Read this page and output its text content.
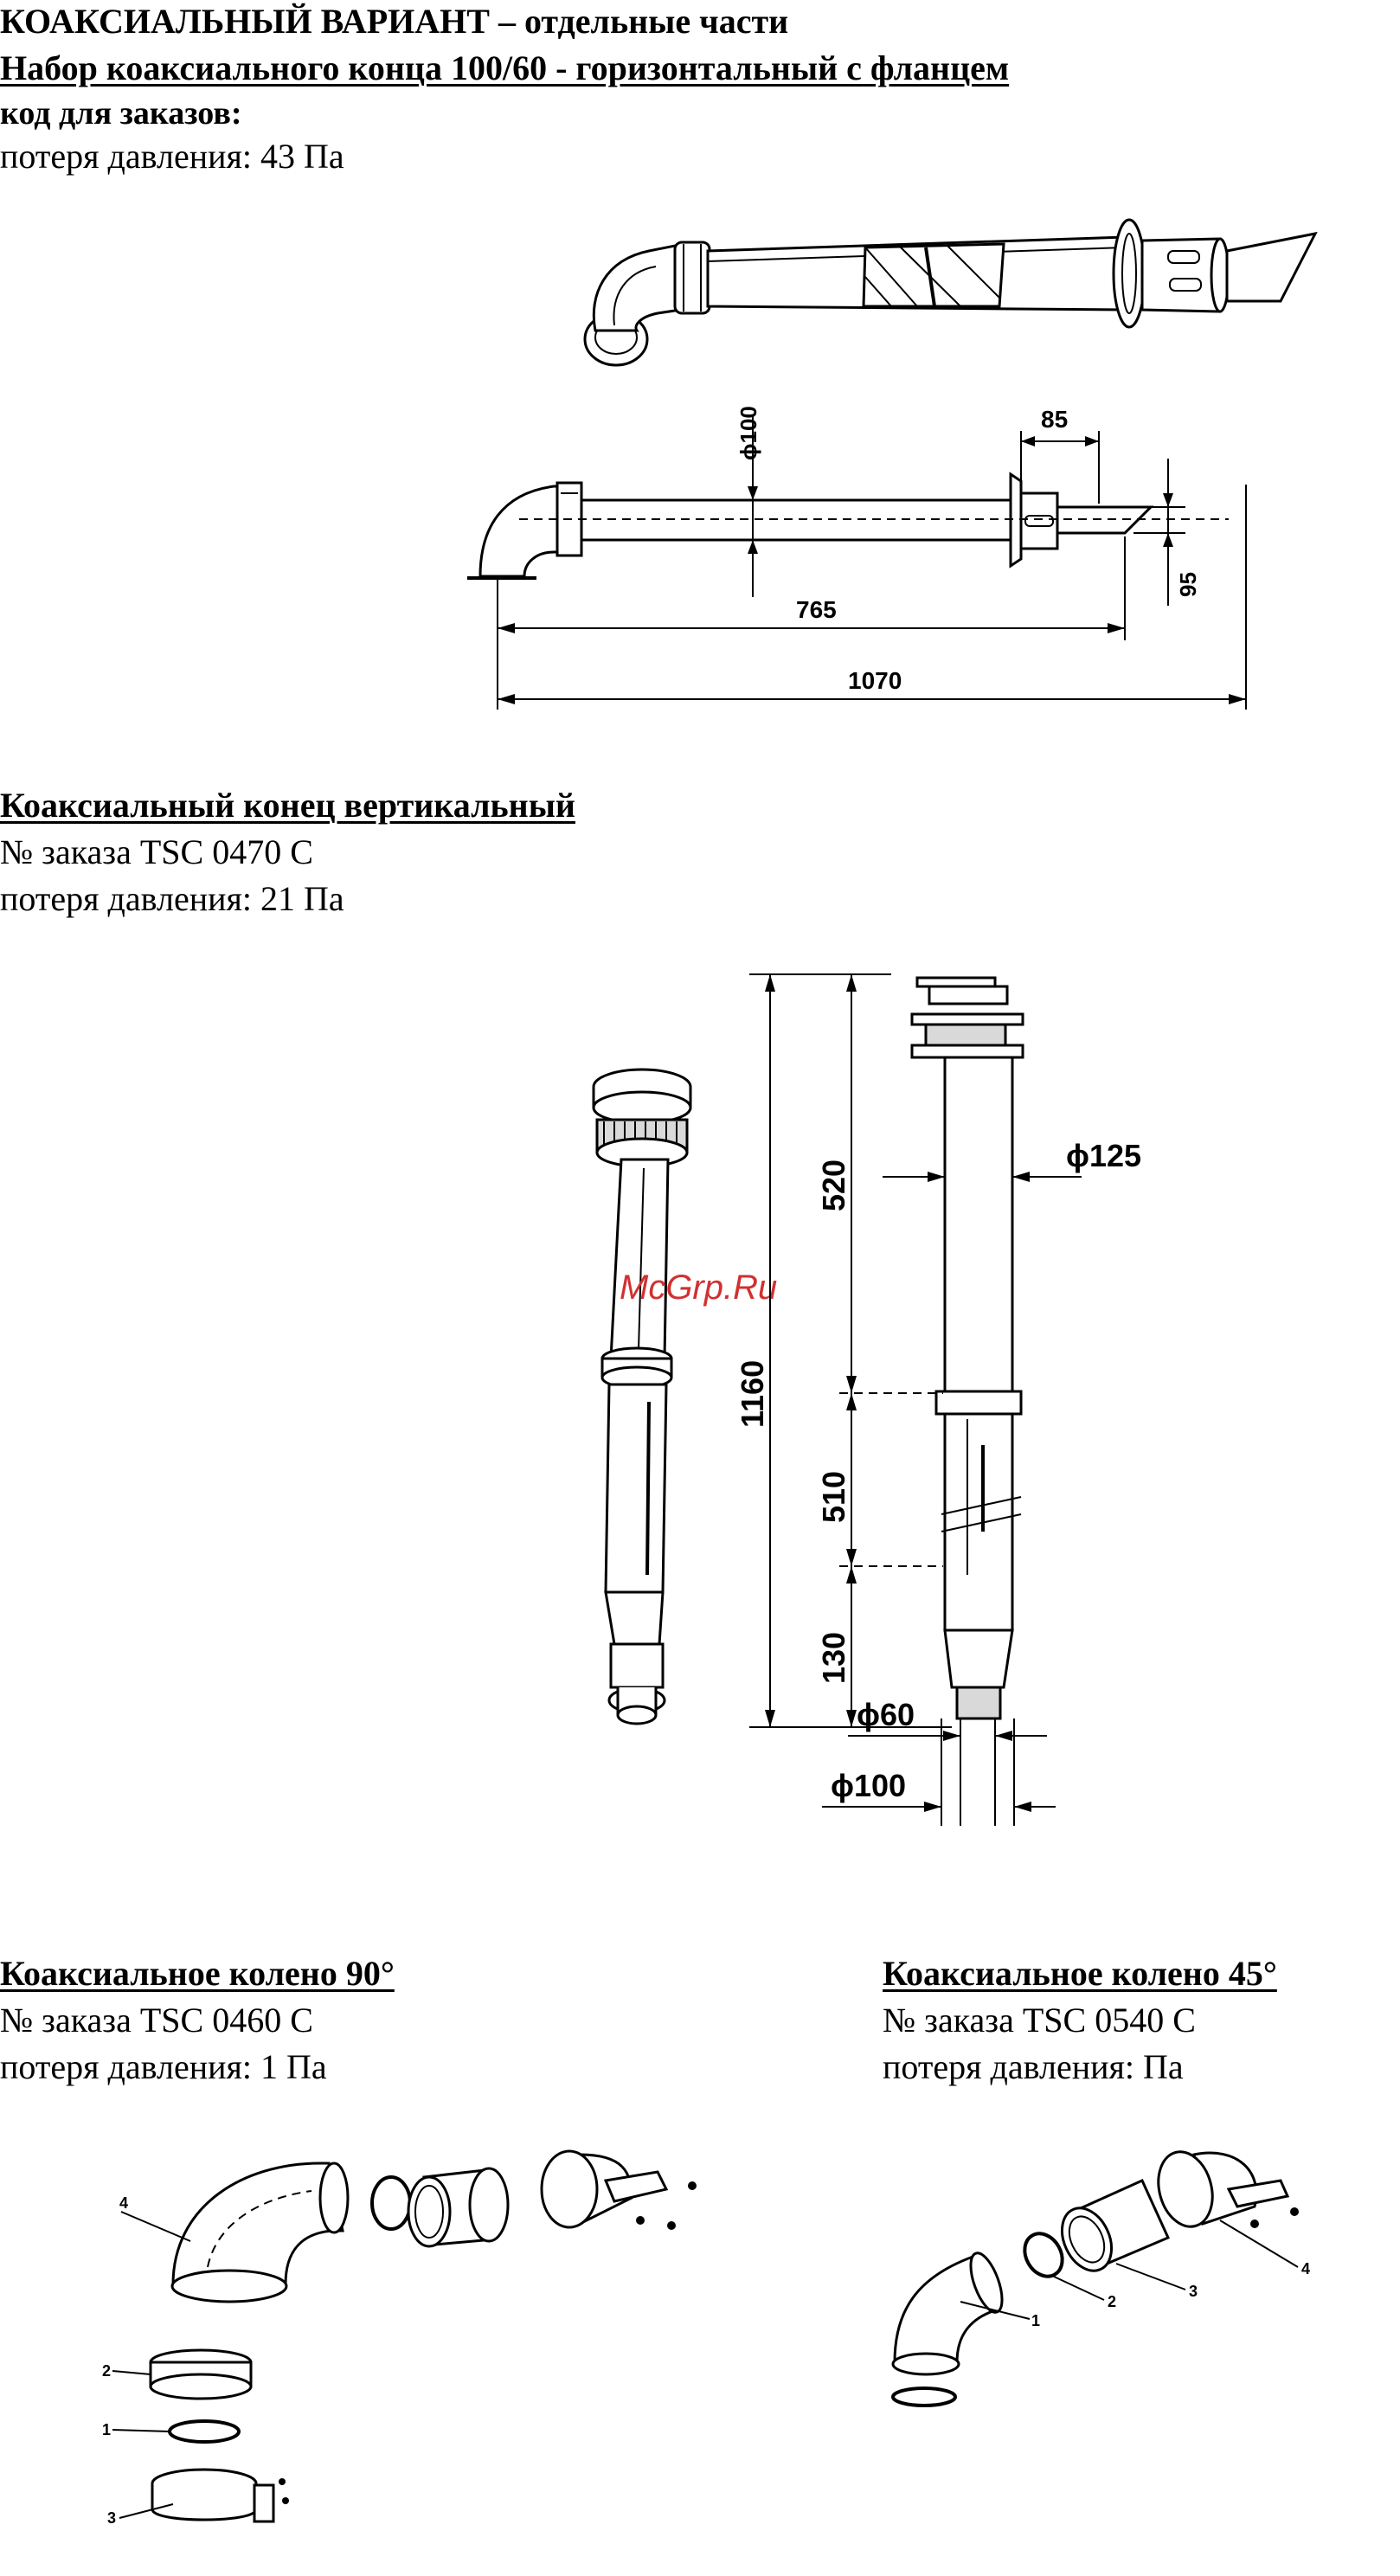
КОАКСИАЛЬНЫЙ ВАРИАНТ – отдельные части

Набор коаксиального конца 100/60 - горизонтальный с фланцем

код для заказов:

потеря давления: 43 Па

ϕ100	85
95
765
1070

Коаксиальный конец вертикальный

№ заказа TSC 0470 C

потеря давления: 21 Па

McGrp.Ru
1160
520
510
130
ϕ125
ϕ60
ϕ100

Коаксиальное колено 90°

№ заказа TSC 0460 C

потеря давления: 1 Па

4
2
1
3

Коаксиальное колено 45°

№ заказа TSC 0540 C

потеря давления: Па

1
2
3
4
